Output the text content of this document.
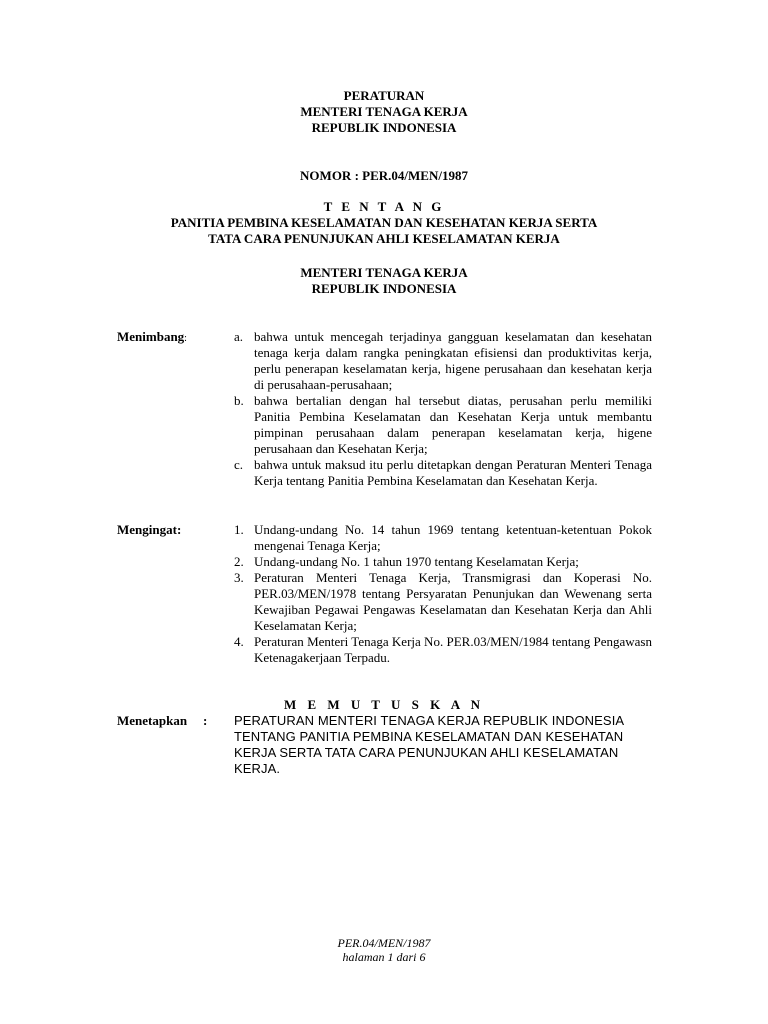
PERATURAN
MENTERI TENAGA KERJA
REPUBLIK INDONESIA
NOMOR : PER.04/MEN/1987
T E N T A N G
PANITIA PEMBINA KESELAMATAN DAN KESEHATAN KERJA SERTA
TATA CARA PENUNJUKAN AHLI KESELAMATAN KERJA
MENTERI TENAGA KERJA
REPUBLIK INDONESIA
Menimbang:	a. bahwa untuk mencegah terjadinya gangguan keselamatan dan kesehatan tenaga kerja dalam rangka peningkatan efisiensi dan produktivitas kerja, perlu penerapan keselamatan kerja, higene perusahaan dan kesehatan kerja di perusahaan-perusahaan;
b. bahwa bertalian dengan hal tersebut diatas, perusahan perlu memiliki Panitia Pembina Keselamatan dan Kesehatan Kerja untuk membantu pimpinan perusahaan dalam penerapan keselamatan kerja, higene perusahaan dan Kesehatan Kerja;
c. bahwa untuk maksud itu perlu ditetapkan dengan Peraturan Menteri Tenaga Kerja tentang Panitia Pembina Keselamatan dan Kesehatan Kerja.
Mengingat:	1. Undang-undang No. 14 tahun 1969 tentang ketentuan-ketentuan Pokok mengenai Tenaga Kerja;
2. Undang-undang No. 1 tahun 1970 tentang Keselamatan Kerja;
3. Peraturan Menteri Tenaga Kerja, Transmigrasi dan Koperasi No. PER.03/MEN/1978 tentang Persyaratan Penunjukan dan Wewenang serta Kewajiban Pegawai Pengawas Keselamatan dan Kesehatan Kerja dan Ahli Keselamatan Kerja;
4. Peraturan Menteri Tenaga Kerja No. PER.03/MEN/1984 tentang Pengawasn Ketenagakerjaan Terpadu.
M E M U T U S K A N
Menetapkan : PERATURAN MENTERI TENAGA KERJA REPUBLIK INDONESIA TENTANG PANITIA PEMBINA KESELAMATAN DAN KESEHATAN KERJA SERTA TATA CARA PENUNJUKAN AHLI KESELAMATAN KERJA.
PER.04/MEN/1987
halaman 1 dari 6
